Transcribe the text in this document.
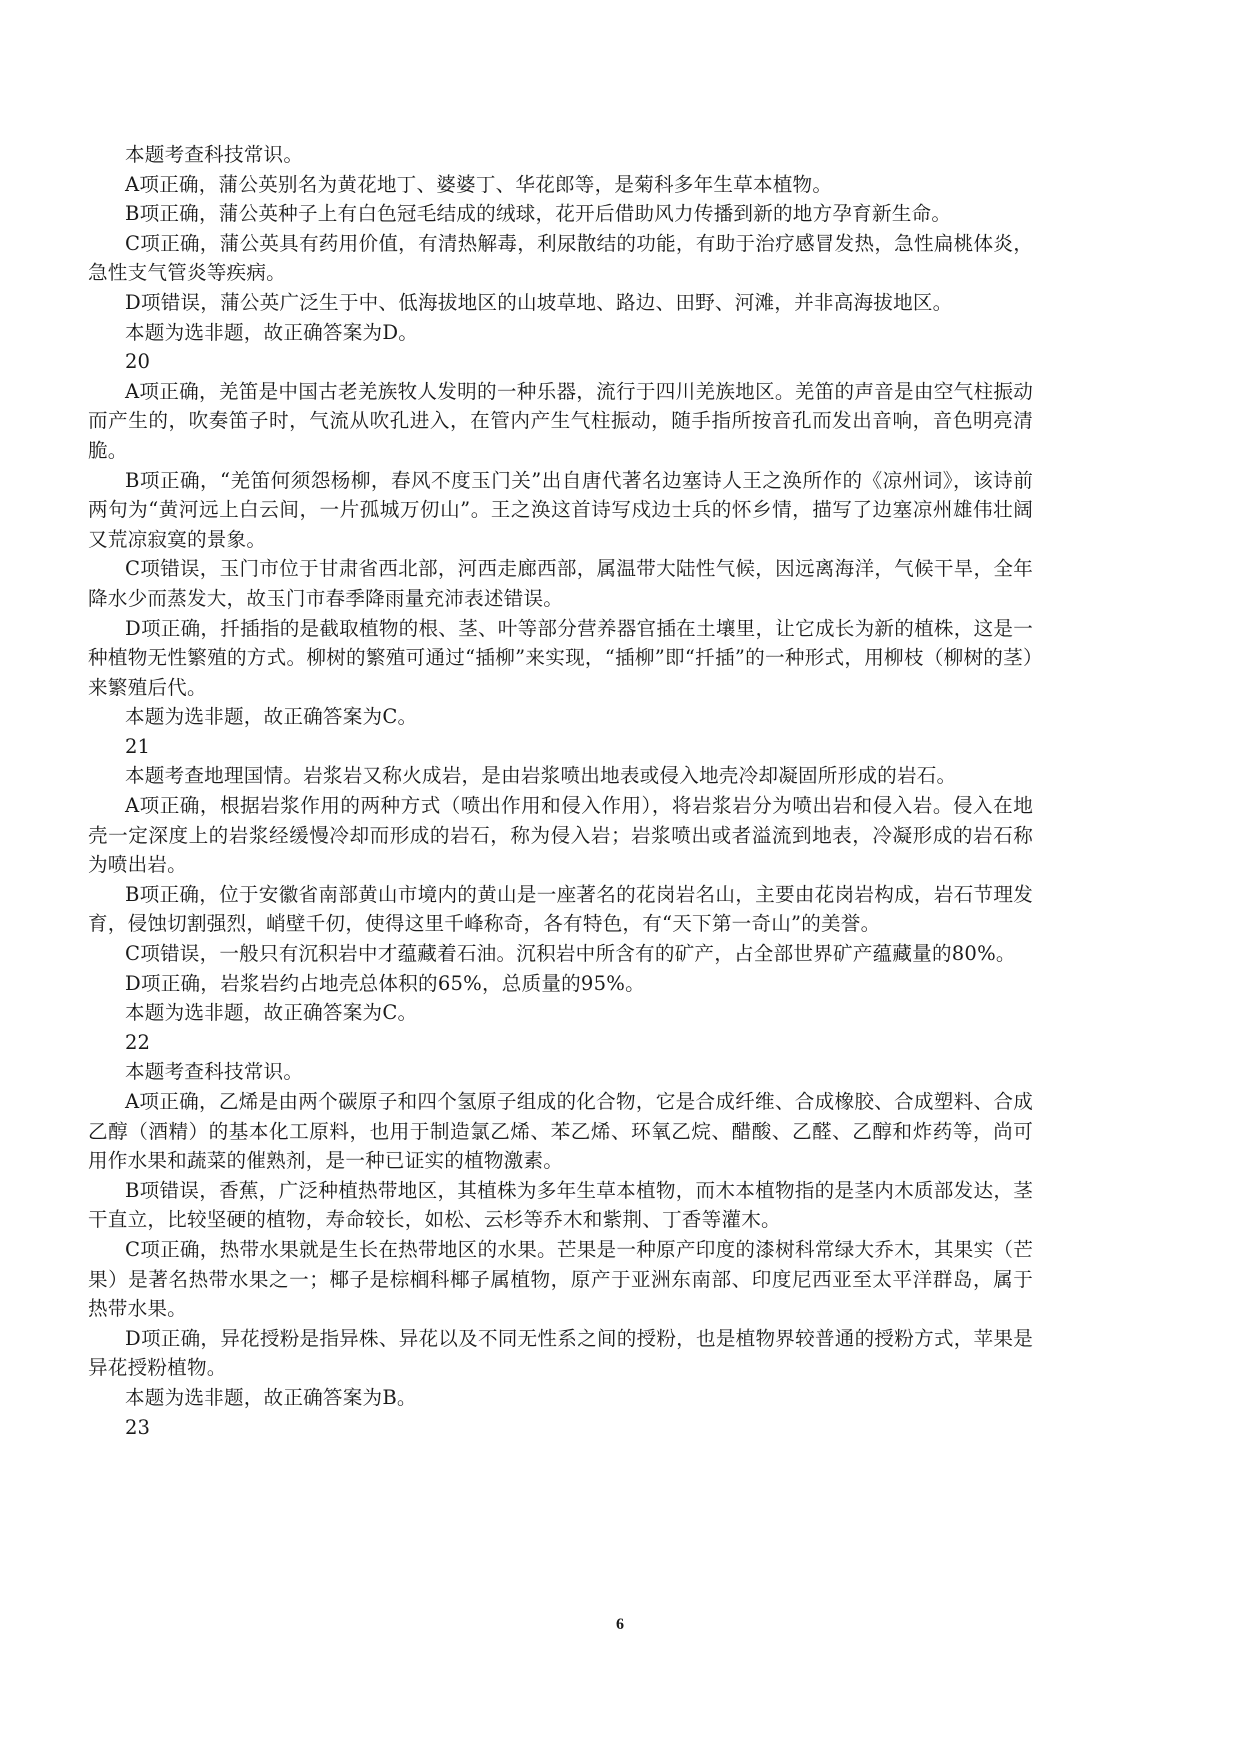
本题考查科技常识。

A项正确，蒲公英别名为黄花地丁、婆婆丁、华花郎等，是菊科多年生草本植物。

B项正确，蒲公英种子上有白色冠毛结成的绒球，花开后借助风力传播到新的地方孕育新生命。

C项正确，蒲公英具有药用价值，有清热解毒，利尿散结的功能，有助于治疗感冒发热，急性扁桃体炎，急性支气管炎等疾病。

D项错误，蒲公英广泛生于中、低海拔地区的山坡草地、路边、田野、河滩，并非高海拔地区。

本题为选非题，故正确答案为D。

20

A项正确，羌笛是中国古老羌族牧人发明的一种乐器，流行于四川羌族地区。羌笛的声音是由空气柱振动而产生的，吹奏笛子时，气流从吹孔进入，在管内产生气柱振动，随手指所按音孔而发出音响，音色明亮清脆。

B项正确，“羌笛何须怨杨柳，春风不度玉门关”出自唐代著名边塞诗人王之涣所作的《凉州词》，该诗前两句为“黄河远上白云间，一片孤城万仞山”。王之涣这首诗写戍边士兵的怀乡情，描写了边塞凉州雄伟壮阔又荒凉寂寞的景象。

C项错误，玉门市位于甘肃省西北部，河西走廊西部，属温带大陆性气候，因远离海洋，气候干旱，全年降水少而蒸发大，故玉门市春季降雨量充沛表述错误。

D项正确，扦插指的是截取植物的根、茎、叶等部分营养器官插在土壤里，让它成长为新的植株，这是一种植物无性繁殖的方式。柳树的繁殖可通过“插柳”来实现，“插柳”即“扦插”的一种形式，用柳枝（柳树的茎）来繁殖后代。

本题为选非题，故正确答案为C。

21

本题考查地理国情。岩浆岩又称火成岩，是由岩浆喷出地表或侵入地壳冷却凝固所形成的岩石。

A项正确，根据岩浆作用的两种方式（喷出作用和侵入作用），将岩浆岩分为喷出岩和侵入岩。侵入在地壳一定深度上的岩浆经缓慢冷却而形成的岩石，称为侵入岩；岩浆喷出或者溢流到地表，冷凝形成的岩石称为喷出岩。

B项正确，位于安徽省南部黄山市境内的黄山是一座著名的花岗岩名山，主要由花岗岩构成，岩石节理发育，侵蚀切割强烈，峭壁千仞，使得这里千峰称奇，各有特色，有“天下第一奇山”的美誉。

C项错误，一般只有沉积岩中才蕴藏着石油。沉积岩中所含有的矿产，占全部世界矿产蕴藏量的80%。

D项正确，岩浆岩约占地壳总体积的65%，总质量的95%。

本题为选非题，故正确答案为C。

22

本题考查科技常识。

A项正确，乙烯是由两个碳原子和四个氢原子组成的化合物，它是合成纤维、合成橡胶、合成塑料、合成乙醇（酒精）的基本化工原料，也用于制造氯乙烯、苯乙烯、环氧乙烷、醋酸、乙醛、乙醇和炸药等，尚可用作水果和蔬菜的催熟剂，是一种已证实的植物激素。

B项错误，香蕉，广泛种植热带地区，其植株为多年生草本植物，而木本植物指的是茎内木质部发达，茎干直立，比较坚硬的植物，寿命较长，如松、云杉等乔木和紫荆、丁香等灌木。

C项正确，热带水果就是生长在热带地区的水果。芒果是一种原产印度的漆树科常绿大乔木，其果实（芒果）是著名热带水果之一；椰子是棕榈科椰子属植物，原产于亚洲东南部、印度尼西亚至太平洋群岛，属于热带水果。

D项正确，异花授粉是指异株、异花以及不同无性系之间的授粉，也是植物界较普通的授粉方式，苹果是异花授粉植物。

本题为选非题，故正确答案为B。

23

6
